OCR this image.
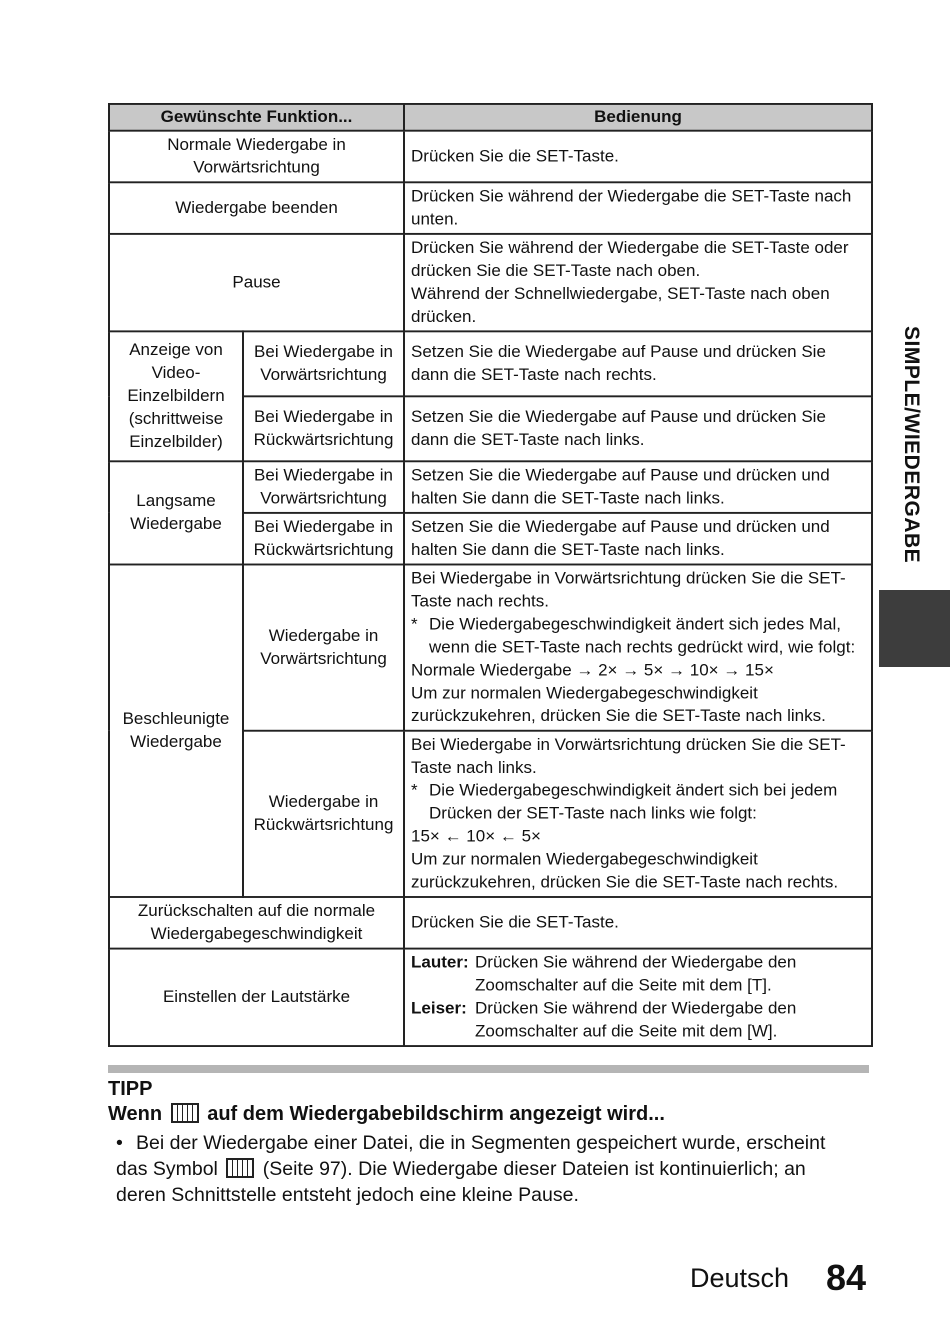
Gewünschte Funktion...		Bedienung
Normale Wiedergabe in Vorwärtsrichtung		Drücken Sie die SET-Taste.
Wiedergabe beenden		Drücken Sie während der Wiedergabe die SET-Taste nach unten.
Pause		Drücken Sie während der Wiedergabe die SET-Taste oder drücken Sie die SET-Taste nach oben.
Während der Schnellwiedergabe, SET-Taste nach oben drücken.

Anzeige von Video-Einzelbildern (schrittweise Einzelbilder)	Bei Wiedergabe in Vorwärtsrichtung	Setzen Sie die Wiedergabe auf Pause und drücken Sie dann die SET-Taste nach rechts.
	Bei Wiedergabe in Rückwärtsrichtung	Setzen Sie die Wiedergabe auf Pause und drücken Sie dann die SET-Taste nach links.
Langsame Wiedergabe	Bei Wiedergabe in Vorwärtsrichtung	Setzen Sie die Wiedergabe auf Pause und drücken und halten Sie dann die SET-Taste nach links.
	Bei Wiedergabe in Rückwärtsrichtung	Setzen Sie die Wiedergabe auf Pause und drücken und halten Sie dann die SET-Taste nach links.
Beschleunigte Wiedergabe	Wiedergabe in Vorwärtsrichtung	Bei Wiedergabe in Vorwärtsrichtung drücken Sie die SET-Taste nach rechts.
* Die Wiedergabegeschwindigkeit ändert sich jedes Mal, wenn die SET-Taste nach rechts gedrückt wird, wie folgt:
Normale Wiedergabe → 2× → 5× → 10× → 15×
Um zur normalen Wiedergabegeschwindigkeit zurückzukehren, drücken Sie die SET-Taste nach links.

	Wiedergabe in Rückwärtsrichtung	Bei Wiedergabe in Vorwärtsrichtung drücken Sie die SET-Taste nach links.
* Die Wiedergabegeschwindigkeit ändert sich bei jedem Drücken der SET-Taste nach links wie folgt:
15× ← 10× ← 5×
Um zur normalen Wiedergabegeschwindigkeit zurückzukehren, drücken Sie die SET-Taste nach rechts.

Zurückschalten auf die normale Wiedergabegeschwindigkeit		Drücken Sie die SET-Taste.
Einstellen der Lautstärke		Lauter: Drücken Sie während der Wiedergabe den Zoomschalter auf die Seite mit dem [T].
Leiser: Drücken Sie während der Wiedergabe den Zoomschalter auf die Seite mit dem [W].
SIMPLE/WIEDERGABE
TIPP
Wenn auf dem Wiedergabebildschirm angezeigt wird...
• Bei der Wiedergabe einer Datei, die in Segmenten gespeichert wurde, erscheint das Symbol (Seite 97). Die Wiedergabe dieser Dateien ist kontinuierlich; an deren Schnittstelle entsteht jedoch eine kleine Pause.
Deutsch 84
